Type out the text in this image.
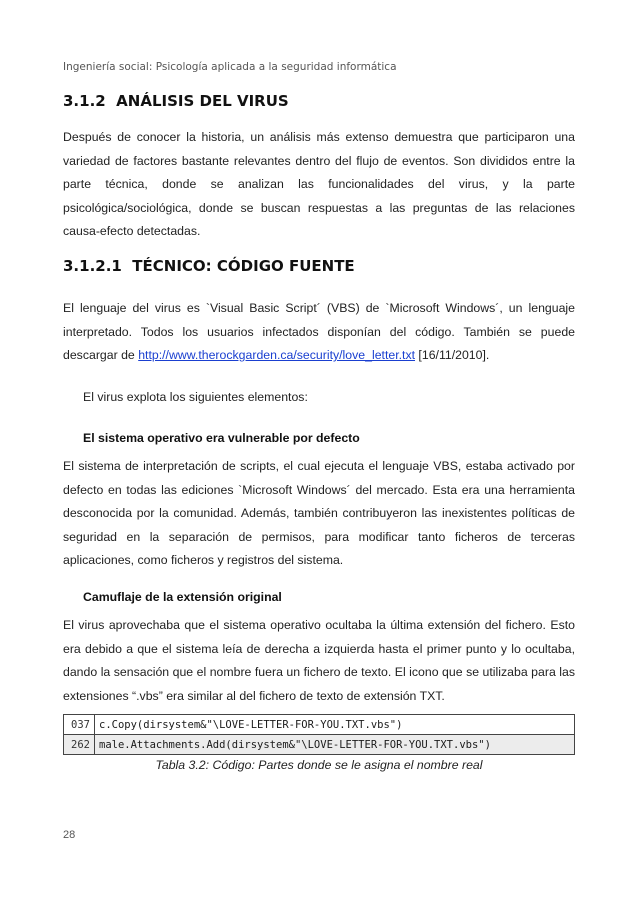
Ingeniería social: Psicología aplicada a la seguridad informática
3.1.2 ANÁLISIS DEL VIRUS
Después de conocer la historia, un análisis más extenso demuestra que participaron una variedad de factores bastante relevantes dentro del flujo de eventos. Son divididos entre la parte técnica, donde se analizan las funcionalidades del virus, y la parte psicológica/sociológica, donde se buscan respuestas a las preguntas de las relaciones causa-efecto detectadas.
3.1.2.1 TÉCNICO: CÓDIGO FUENTE
El lenguaje del virus es `Visual Basic Script´ (VBS) de `Microsoft Windows´, un lenguaje interpretado. Todos los usuarios infectados disponían del código. También se puede descargar de http://www.therockgarden.ca/security/love_letter.txt [16/11/2010].
El virus explota los siguientes elementos:
El sistema operativo era vulnerable por defecto
El sistema de interpretación de scripts, el cual ejecuta el lenguaje VBS, estaba activado por defecto en todas las ediciones `Microsoft Windows´ del mercado. Esta era una herramienta desconocida por la comunidad. Además, también contribuyeron las inexistentes políticas de seguridad en la separación de permisos, para modificar tanto ficheros de terceras aplicaciones, como ficheros y registros del sistema.
Camuflaje de la extensión original
El virus aprovechaba que el sistema operativo ocultaba la última extensión del fichero. Esto era debido a que el sistema leía de derecha a izquierda hasta el primer punto y lo ocultaba, dando la sensación que el nombre fuera un fichero de texto. El icono que se utilizaba para las extensiones “.vbs” era similar al del fichero de texto de extensión TXT.
037	c.Copy(dirsystem&"\LOVE-LETTER-FOR-YOU.TXT.vbs")
262	male.Attachments.Add(dirsystem&"\LOVE-LETTER-FOR-YOU.TXT.vbs")
Tabla 3.2: Código: Partes donde se le asigna el nombre real
28
